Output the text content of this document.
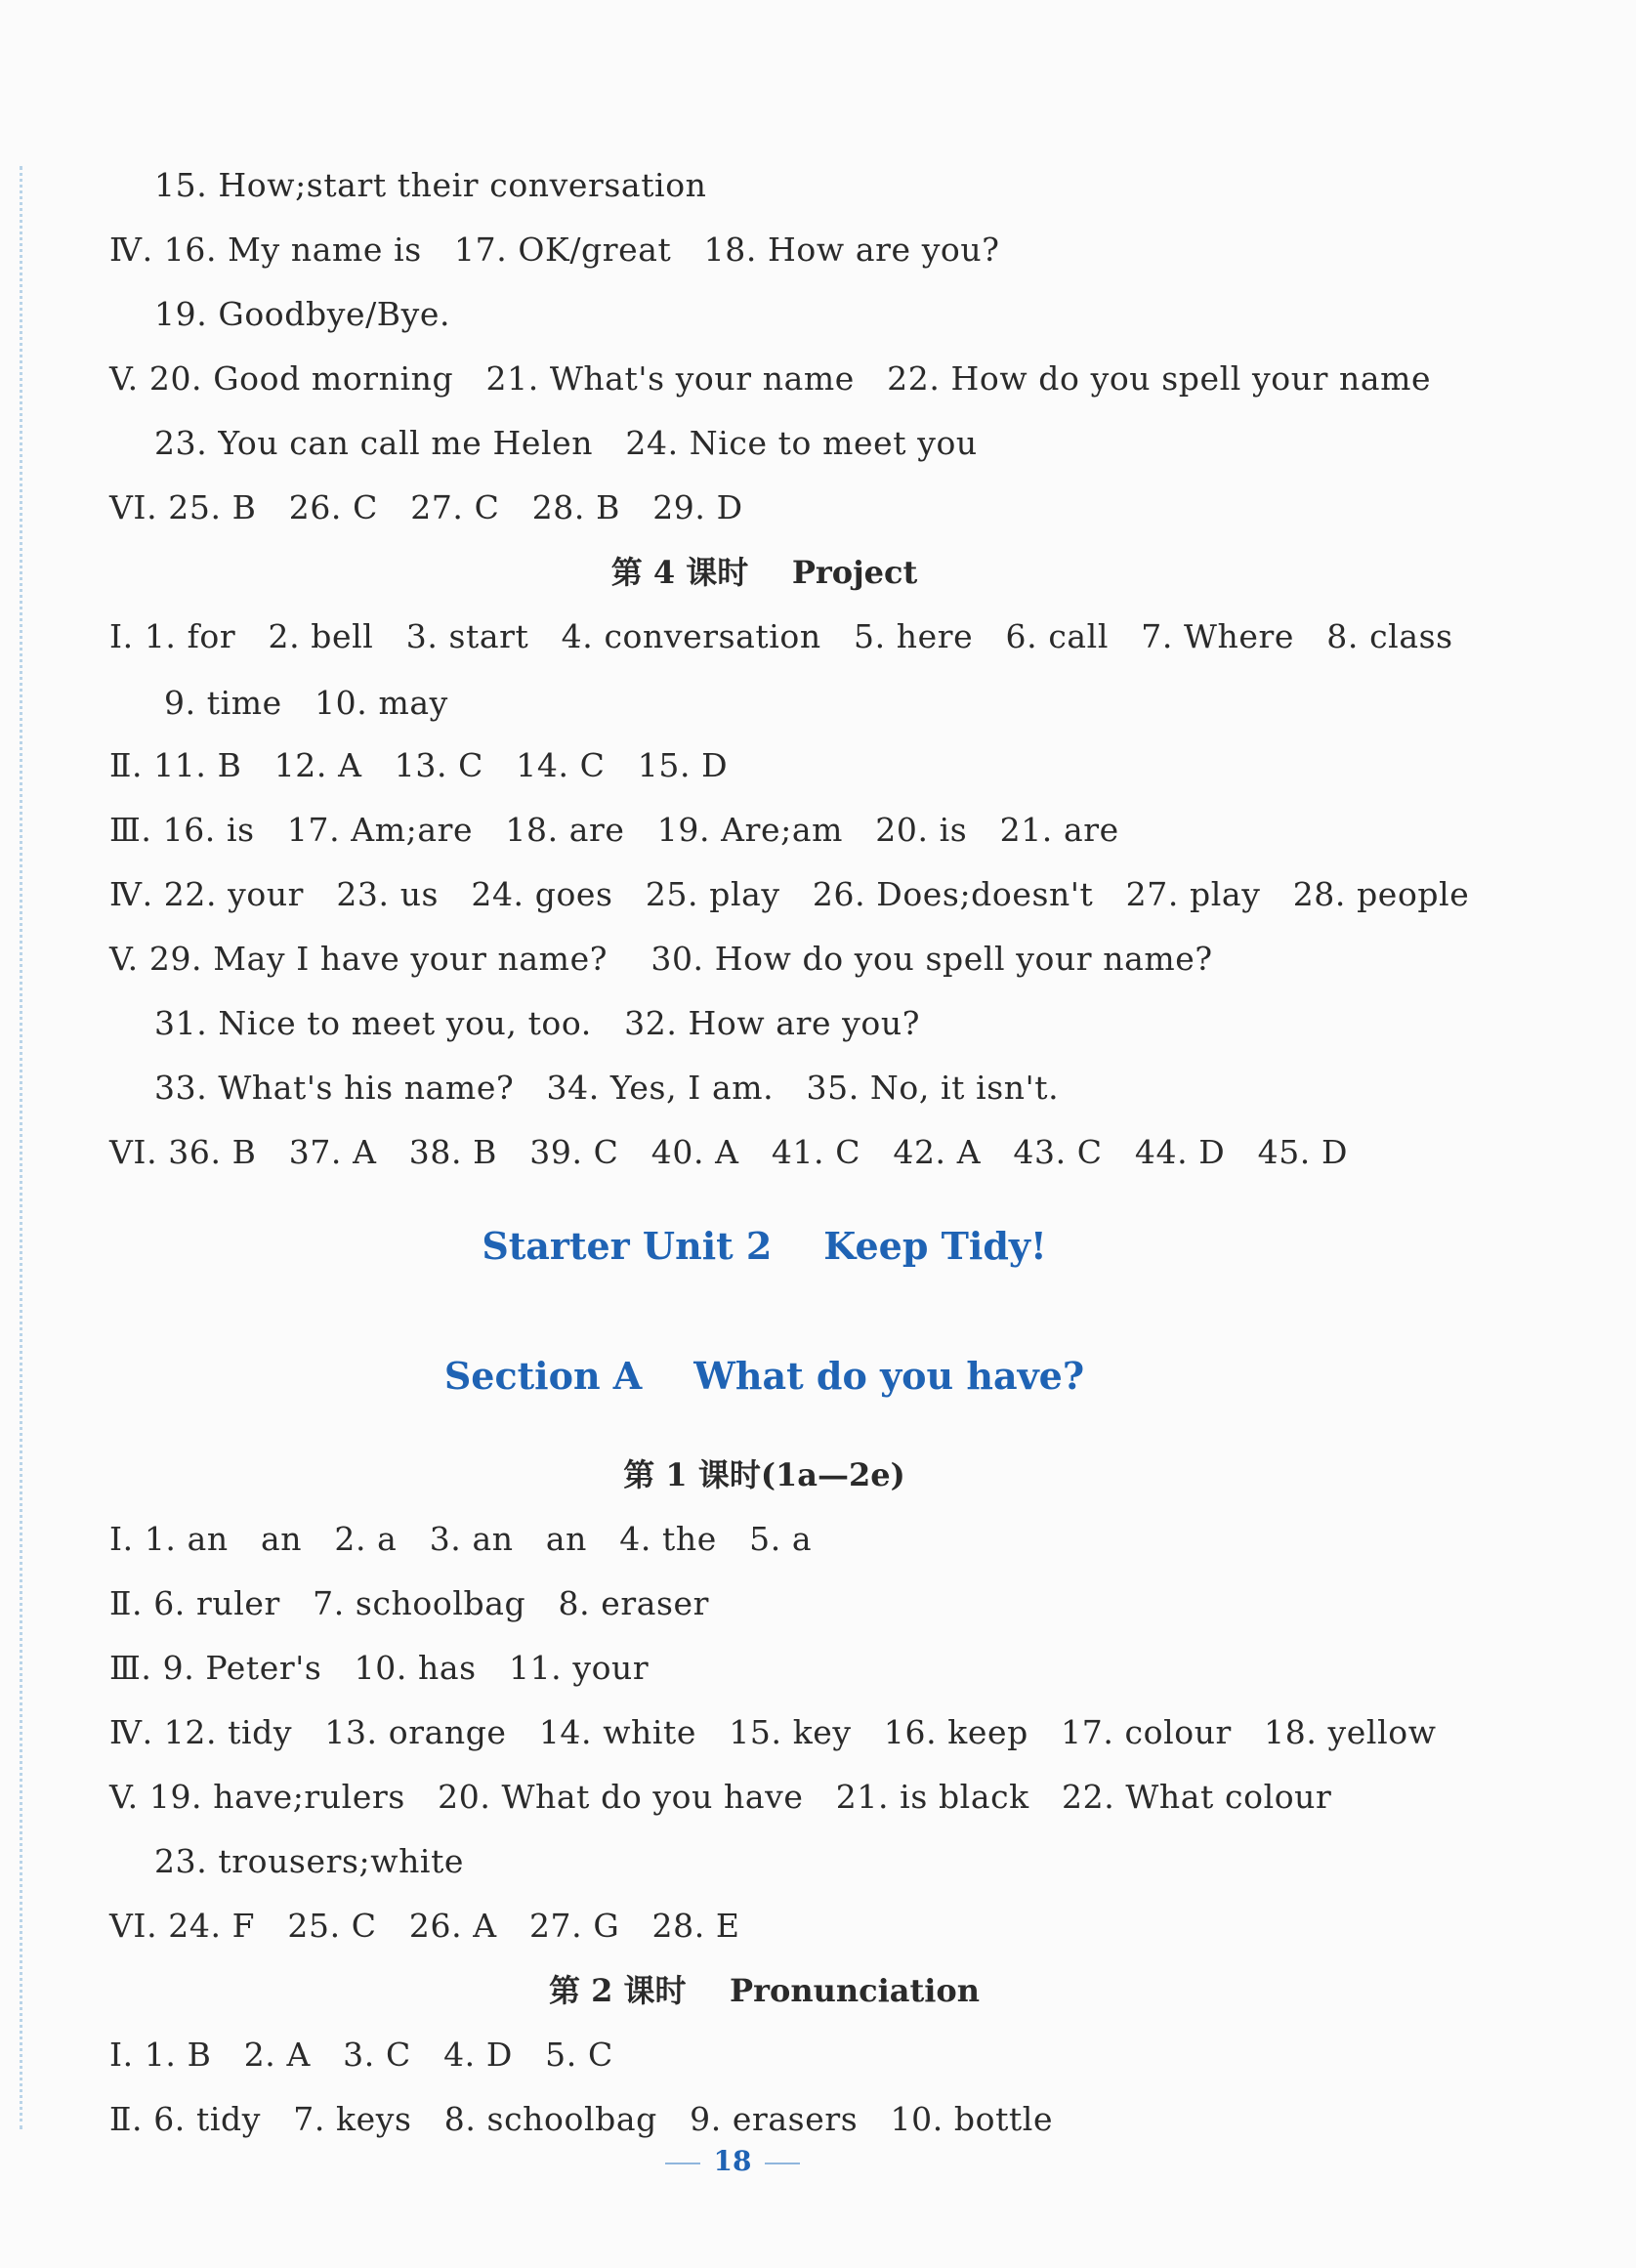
15. How;start their conversation
Ⅳ. 16. My name is   17. OK/great   18. How are you?
19. Goodbye/Bye.
V. 20. Good morning   21. What's your name   22. How do you spell your name
23. You can call me Helen   24. Nice to meet you
VI. 25. B   26. C   27. C   28. B   29. D
第 4 课时    Project
Ⅰ. 1. for   2. bell   3. start   4. conversation   5. here   6. call   7. Where   8. class
9. time   10. may
Ⅱ. 11. B   12. A   13. C   14. C   15. D
Ⅲ. 16. is   17. Am;are   18. are   19. Are;am   20. is   21. are
Ⅳ. 22. your   23. us   24. goes   25. play   26. Does;doesn't   27. play   28. people
V. 29. May I have your name?    30. How do you spell your name?
31. Nice to meet you, too.   32. How are you?
33. What's his name?   34. Yes, I am.   35. No, it isn't.
VI. 36. B   37. A   38. B   39. C   40. A   41. C   42. A   43. C   44. D   45. D
Starter Unit 2    Keep Tidy!
Section A    What do you have?
第 1 课时(1a—2e)
Ⅰ. 1. an   an   2. a   3. an   an   4. the   5. a
Ⅱ. 6. ruler   7. schoolbag   8. eraser
Ⅲ. 9. Peter's   10. has   11. your
Ⅳ. 12. tidy   13. orange   14. white   15. key   16. keep   17. colour   18. yellow
V. 19. have;rulers   20. What do you have   21. is black   22. What colour
23. trousers;white
VI. 24. F   25. C   26. A   27. G   28. E
第 2 课时    Pronunciation
Ⅰ. 1. B   2. A   3. C   4. D   5. C
Ⅱ. 6. tidy   7. keys   8. schoolbag   9. erasers   10. bottle
18
